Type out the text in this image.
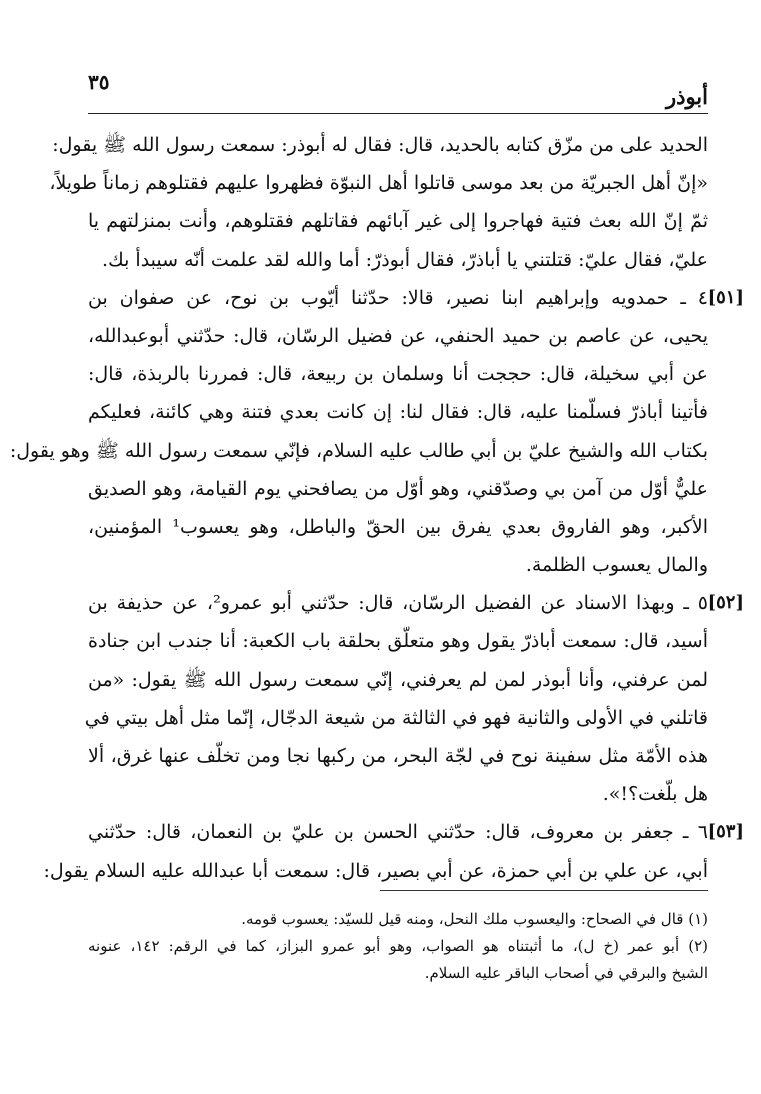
أبوذر
٣٥
الحديد على من مزّق كتابه بالحديد، قال: فقال له أبوذر: سمعت رسول الله ﷺ يقول:
«إنّ أهل الجبريّة من بعد موسى قاتلوا أهل النبوّة فظهروا عليهم فقتلوهم زماناً طويلاً،
ثمّ إنّ الله بعث فتية فهاجروا إلى غير آبائهم فقاتلهم فقتلوهم، وأنت بمنزلتهم يا
عليّ، فقال عليّ: قتلتني يا أباذرّ، فقال أبوذرّ: أما والله لقد علمت أنّه سيبدأ بك.
[٥١]
٤ ـ حمدويه وإبراهيم ابنا نصير، قالا: حدّثنا أيّوب بن نوح، عن صفوان بن
يحيى، عن عاصم بن حميد الحنفي، عن فضيل الرسّان، قال: حدّثني أبوعبدالله،
عن أبي سخيلة، قال: حججت أنا وسلمان بن ربيعة، قال: فمررنا بالربذة، قال:
فأتينا أباذرّ فسلّمنا عليه، قال: فقال لنا: إن كانت بعدي فتنة وهي كائنة، فعليكم
بكتاب الله والشيخ عليّ بن أبي طالب عليه السلام، فإنّي سمعت رسول الله ﷺ وهو يقول:
عليٌّ أوّل من آمن بي وصدّقني، وهو أوّل من يصافحني يوم القيامة، وهو الصديق
الأكبر، وهو الفاروق بعدي يفرق بين الحقّ والباطل، وهو يعسوب¹ المؤمنين،
والمال يعسوب الظلمة.
[٥٢]
٥ ـ وبهذا الاسناد عن الفضيل الرسّان، قال: حدّثني أبو عمرو²، عن حذيفة بن
أسيد، قال: سمعت أباذرّ يقول وهو متعلّق بحلقة باب الكعبة: أنا جندب ابن جنادة
لمن عرفني، وأنا أبوذر لمن لم يعرفني، إنّي سمعت رسول الله ﷺ يقول: «من
قاتلني في الأولى والثانية فهو في الثالثة من شيعة الدجّال، إنّما مثل أهل بيتي في
هذه الأمّة مثل سفينة نوح في لجّة البحر، من ركبها نجا ومن تخلّف عنها غرق، ألا
هل بلّغت؟!».
[٥٣]
٦ ـ جعفر بن معروف، قال: حدّثني الحسن بن عليّ بن النعمان، قال: حدّثني
أبي، عن علي بن أبي حمزة، عن أبي بصير، قال: سمعت أبا عبدالله عليه السلام يقول:
(١) قال في الصحاح: واليعسوب ملك النحل، ومنه قيل للسيّد: يعسوب قومه.
(٢) أبو عمر (خ ل)، ما أثبتناه هو الصواب، وهو أبو عمرو البزاز، كما في الرقم: ١٤٢، عنونه
الشيخ والبرقي في أصحاب الباقر عليه السلام.
